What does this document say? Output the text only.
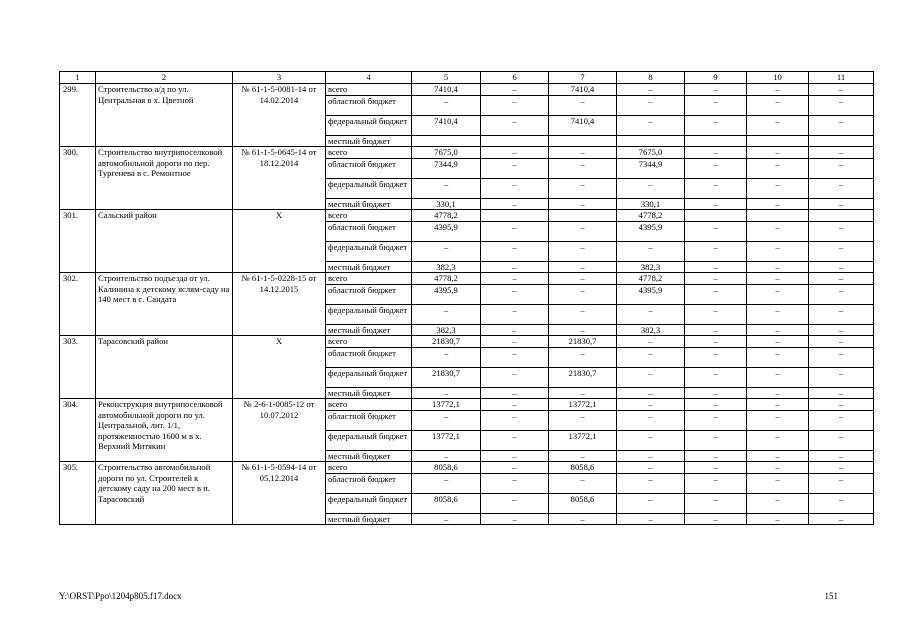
1	2	3	4	5	6	7	8	9	10	11
299.	Строительство а/д по ул. Центральная в х. Цветной	№ 61-1-5-0081-14 от 14.02.2014	всего	7410,4	–	7410,4	–	–	–	–
			областной бюджет	–	–	–	–	–	–	–
			федеральный бюджет	7410,4	–	7410,4	–	–	–	–
			местный бюджет							
300.	Строительство внутрипоселковой автомобильной дороги по пер. Тургенева в с. Ремонтное	№ 61-1-5-0645-14 от 18.12.2014	всего	7675,0	–	–	7675,0	–	–	–
			областной бюджет	7344,9	–	–	7344,9	–	–	–
			федеральный бюджет	–	–	–	–	–	–	–
			местный бюджет	330,1	–	–	330,1	–	–	–
301.	Сальский район	Х	всего	4778,2			4778,2			
			областной бюджет	4395,9	–	–	4395,9	–	–	–
			федеральный бюджет	–	–	–	–	–	–	–
			местный бюджет	382,3	–	–	382,3	–	–	–
302.	Строительство подъезда от ул. Калинина к детскому яслям-саду на 140 мест в с. Сандата	№ 61-1-5-0228-15 от 14.12.2015	всего	4778,2	–	–	4778,2	–	–	–
			областной бюджет	4395,9	–	–	4395,9	–	–	–
			федеральный бюджет	–	–	–	–	–	–	–
			местный бюджет	382,3	–	–	382,3	–	–	–
303.	Тарасовский район	Х	всего	21830,7	–	21830,7	–	–	–	–
			областной бюджет	–	–	–	–	–	–	–
			федеральный бюджет	21830,7	–	21830,7	–	–	–	–
			местный бюджет	–	–	–	–	–	–	–
304.	Реконструкция внутрипоселковой автомобильной дороги по ул. Центральной, лит. 1/1, протяженностью 1600 м в х. Верхний Митякин	№ 2-6-1-0085-12 от 10.07.2012	всего	13772,1	–	13772,1	–	–	–	–
			областной бюджет	–	–	–	–	–	–	–
			федеральный бюджет	13772,1	–	13772,1	–	–	–	–
			местный бюджет	–	–	–	–	–	–	–
305.	Строительство автомобильной дороги по ул. Строителей к детскому саду на 200 мест в п. Тарасовский	№ 61-1-5-0594-14 от 05.12.2014	всего	8058,6	–	8058,6	–	–	–	–
			областной бюджет	–	–	–	–	–	–	–
			федеральный бюджет	8058,6	–	8058,6	–	–	–	–
			местный бюджет	–	–	–	–	–	–	–
Y:\ORST\Ppo\1204p805.f17.docx	151
